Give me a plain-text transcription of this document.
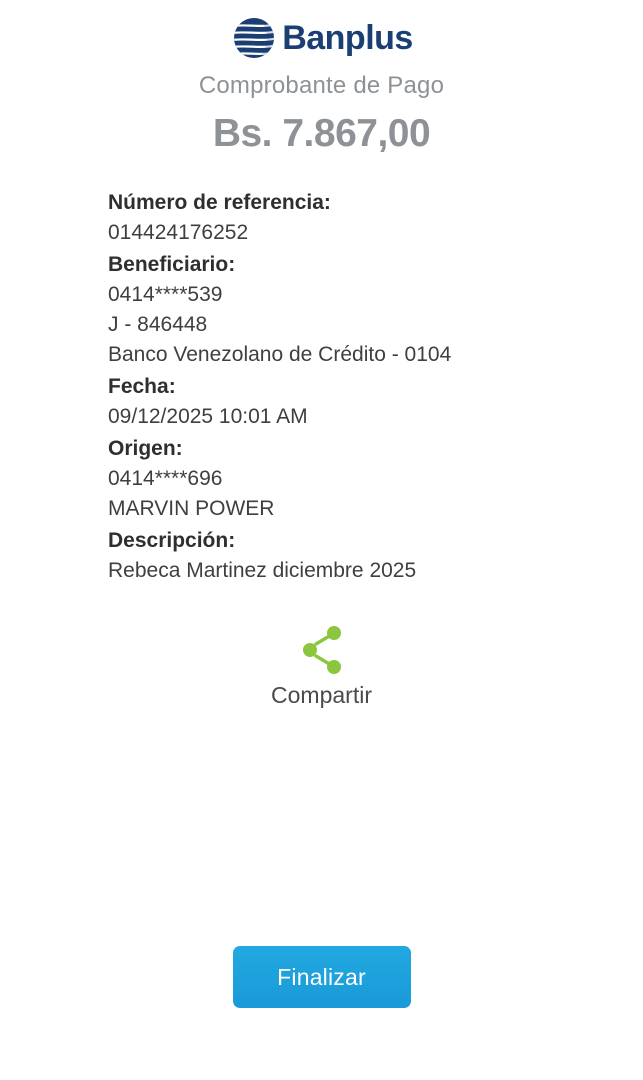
Banplus
Comprobante de Pago
Bs. 7.867,00
Número de referencia:
014424176252
Beneficiario:
0414****539
J - 846448
Banco Venezolano de Crédito - 0104
Fecha:
09/12/2025 10:01 AM
Origen:
0414****696
MARVIN POWER
Descripción:
Rebeca Martinez diciembre 2025
Compartir
Finalizar
